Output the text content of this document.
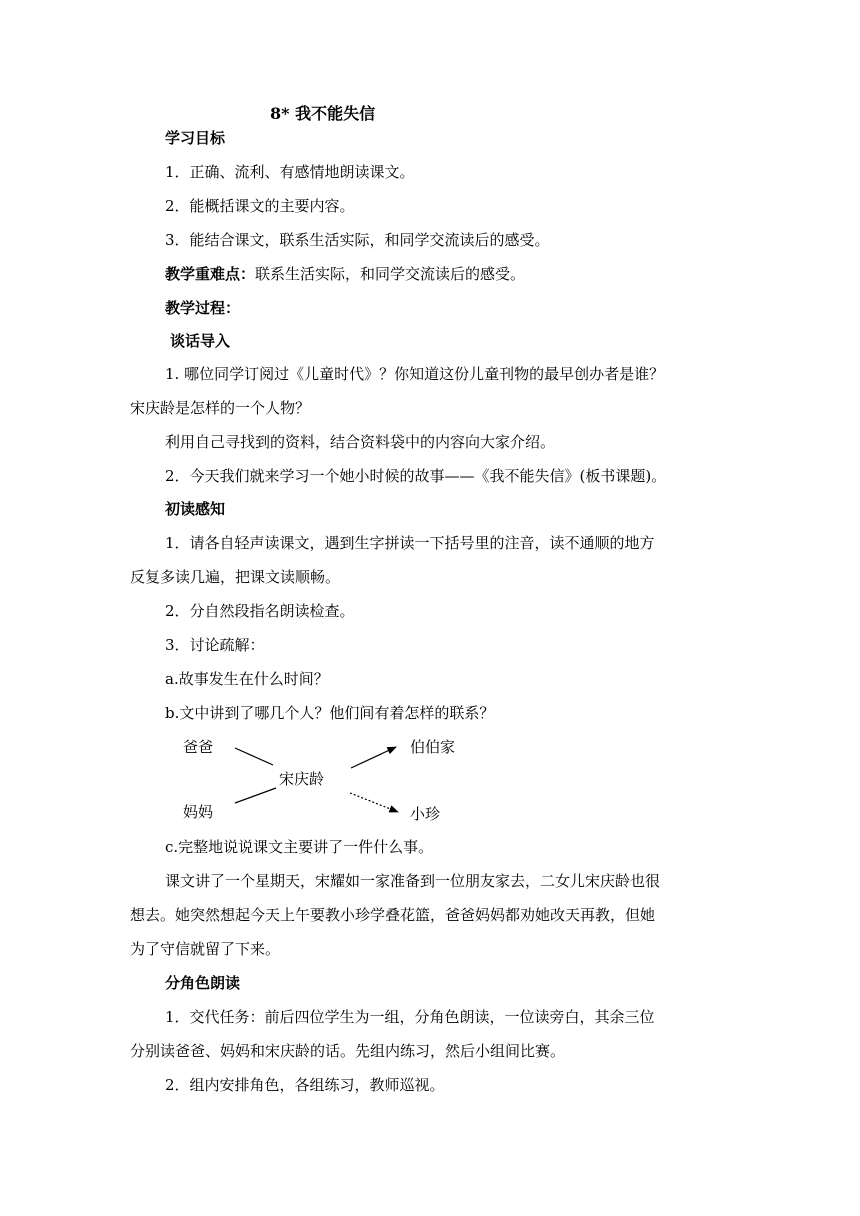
8* 我不能失信

学习目标

1．正确、流利、有感情地朗读课文。

2．能概括课文的主要内容。

3．能结合课文，联系生活实际，和同学交流读后的感受。

教学重难点：联系生活实际，和同学交流读后的感受。

教学过程：

谈话导入

1. 哪位同学订阅过《儿童时代》？你知道这份儿童刊物的最早创办者是谁？

宋庆龄是怎样的一个人物？

利用自己寻找到的资料，结合资料袋中的内容向大家介绍。

2．今天我们就来学习一个她小时候的故事——《我不能失信》(板书课题)。

初读感知

1．请各自轻声读课文，遇到生字拼读一下括号里的注音，读不通顺的地方

反复多读几遍，把课文读顺畅。

2．分自然段指名朗读检查。

3．讨论疏解：

a.故事发生在什么时间？

b.文中讲到了哪几个人？他们间有着怎样的联系？

爸爸
妈妈
宋庆龄
伯伯家
小珍

c.完整地说说课文主要讲了一件什么事。

课文讲了一个星期天，宋耀如一家准备到一位朋友家去，二女儿宋庆龄也很

想去。她突然想起今天上午要教小珍学叠花篮，爸爸妈妈都劝她改天再教，但她

为了守信就留了下来。

分角色朗读

1．交代任务：前后四位学生为一组，分角色朗读，一位读旁白，其余三位

分别读爸爸、妈妈和宋庆龄的话。先组内练习，然后小组间比赛。

2．组内安排角色，各组练习，教师巡视。
